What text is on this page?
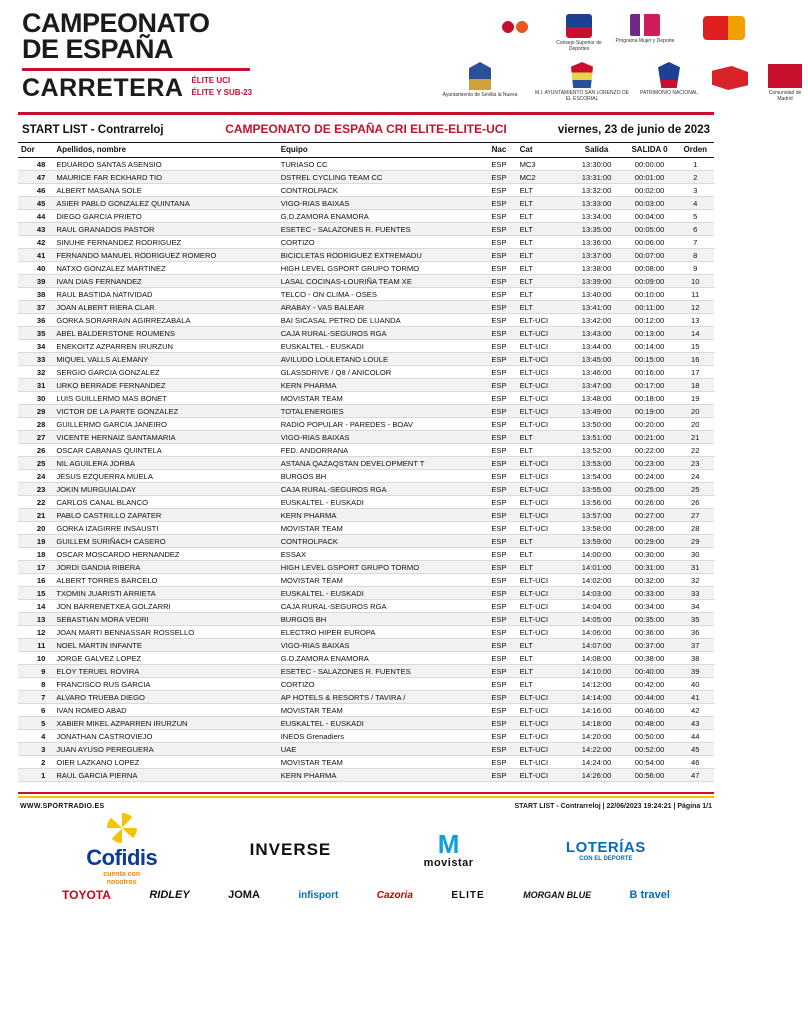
CAMPEONATO
DE ESPAÑA
CARRETERA ÉLITE UCI
ÉLITE Y SUB-23
Consejo Superior de Deportes
Programa Mujer y Deporte
Ayuntamiento de Sevilla la Nueva	M.I. AYUNTAMIENTO SAN LORENZO DE EL ESCORIAL
PATRIMONIO NACIONAL	Comunidad de Madrid
START LIST - Contrarreloj	CAMPEONATO DE ESPAÑA CRI ELITE-ELITE-UCI	viernes, 23 de junio de 2023
Dor	Apellidos, nombre	Equipo	Nac	Cat	Salida	SALIDA 0	Orden
48	EDUARDO SANTAS ASENSIO	TURIASO CC	ESP	MC3	13:30:00	00:00:00	1
47	MAURICE FAR ECKHARD TIO	DSTREL CYCLING TEAM CC	ESP	MC2	13:31:00	00:01:00	2
46	ALBERT MASANA SOLE	CONTROLPACK	ESP	ELT	13:32:00	00:02:00	3
45	ASIER PABLO GONZALEZ QUINTANA	VIGO-RIAS BAIXAS	ESP	ELT	13:33:00	00:03:00	4
44	DIEGO GARCIA PRIETO	G.D.ZAMORA ENAMORA	ESP	ELT	13:34:00	00:04:00	5
43	RAUL GRANADOS PASTOR	ESETEC - SALAZONES R. FUENTES	ESP	ELT	13:35:00	00:05:00	6
42	SINUHE FERNANDEZ RODRIGUEZ	CORTIZO	ESP	ELT	13:36:00	00:06:00	7
41	FERNANDO MANUEL RODRIGUEZ ROMERO	BICICLETAS RODRIGUEZ EXTREMADU	ESP	ELT	13:37:00	00:07:00	8
40	NATXO GONZALEZ MARTINEZ	HIGH LEVEL GSPORT GRUPO TORMO	ESP	ELT	13:38:00	00:08:00	9
39	IVAN DIAS FERNANDEZ	LASAL COCINAS-LOURIÑA TEAM XE	ESP	ELT	13:39:00	00:09:00	10
38	RAUL BASTIDA NATIVIDAD	TELCO - ON CLIMA - OSES	ESP	ELT	13:40:00	00:10:00	11
37	JOAN ALBERT RIERA CLAR	ARABAY - VAS BALEAR	ESP	ELT	13:41:00	00:11:00	12
36	GORKA SORARRAIN AGIRREZABALA	BAI SICASAL PETRO DE LUANDA	ESP	ELT-UCI	13:42:00	00:12:00	13
35	ABEL BALDERSTONE ROUMENS	CAJA RURAL-SEGUROS RGA	ESP	ELT-UCI	13:43:00	00:13:00	14
34	ENEKOITZ AZPARREN IRURZUN	EUSKALTEL - EUSKADI	ESP	ELT-UCI	13:44:00	00:14:00	15
33	MIQUEL VALLS ALEMANY	AVILUDO LOULETANO LOULE	ESP	ELT-UCI	13:45:00	00:15:00	16
32	SERGIO GARCIA GONZALEZ	GLASSDRIVE / Q8 / ANICOLOR	ESP	ELT-UCI	13:46:00	00:16:00	17
31	URKO BERRADE FERNANDEZ	KERN PHARMA	ESP	ELT-UCI	13:47:00	00:17:00	18
30	LUIS GUILLERMO MAS BONET	MOVISTAR TEAM	ESP	ELT-UCI	13:48:00	00:18:00	19
29	VICTOR DE LA PARTE GONZALEZ	TOTALENERGIES	ESP	ELT-UCI	13:49:00	00:19:00	20
28	GUILLERMO GARCIA JANEIRO	RADIO POPULAR - PAREDES - BOAV	ESP	ELT-UCI	13:50:00	00:20:00	20
27	VICENTE HERNAIZ SANTAMARIA	VIGO-RIAS BAIXAS	ESP	ELT	13:51:00	00:21:00	21
26	OSCAR CABANAS QUINTELA	FED. ANDORRANA	ESP	ELT	13:52:00	00:22:00	22
25	NIL AGUILERA JORBA	ASTANA QAZAQSTAN DEVELOPMENT T	ESP	ELT-UCI	13:53:00	00:23:00	23
24	JESUS EZQUERRA MUELA	BURGOS BH	ESP	ELT-UCI	13:54:00	00:24:00	24
23	JOKIN MURGUIALDAY	CAJA RURAL-SEGUROS RGA	ESP	ELT-UCI	13:55:00	00:25:00	25
22	CARLOS CANAL BLANCO	EUSKALTEL - EUSKADI	ESP	ELT-UCI	13:56:00	00:26:00	26
21	PABLO CASTRILLO ZAPATER	KERN PHARMA	ESP	ELT-UCI	13:57:00	00:27:00	27
20	GORKA IZAGIRRE INSAUSTI	MOVISTAR TEAM	ESP	ELT-UCI	13:58:00	00:28:00	28
19	GUILLEM SURIÑACH CASERO	CONTROLPACK	ESP	ELT	13:59:00	00:29:00	29
18	OSCAR MOSCARDO HERNANDEZ	ESSAX	ESP	ELT	14:00:00	00:30:00	30
17	JORDI GANDIA RIBERA	HIGH LEVEL GSPORT GRUPO TORMO	ESP	ELT	14:01:00	00:31:00	31
16	ALBERT TORRES BARCELO	MOVISTAR TEAM	ESP	ELT-UCI	14:02:00	00:32:00	32
15	TXOMIN JUARISTI ARRIETA	EUSKALTEL - EUSKADI	ESP	ELT-UCI	14:03:00	00:33:00	33
14	JON BARRENETXEA GOLZARRI	CAJA RURAL-SEGUROS RGA	ESP	ELT-UCI	14:04:00	00:34:00	34
13	SEBASTIAN MORA VEDRI	BURGOS BH	ESP	ELT-UCI	14:05:00	00:35:00	35
12	JOAN MARTI BENNASSAR ROSSELLO	ELECTRO HIPER EUROPA	ESP	ELT-UCI	14:06:00	00:36:00	36
11	NOEL MARTIN INFANTE	VIGO-RIAS BAIXAS	ESP	ELT	14:07:00	00:37:00	37
10	JORGE GALVEZ LOPEZ	G.D.ZAMORA ENAMORA	ESP	ELT	14:08:00	00:38:00	38
9	ELOY TERUEL ROVIRA	ESETEC - SALAZONES R. FUENTES	ESP	ELT	14:10:00	00:40:00	39
8	FRANCISCO RUS GARCIA	CORTIZO	ESP	ELT	14:12:00	00:42:00	40
7	ALVARO TRUEBA DIEGO	AP HOTELS & RESORTS / TAVIRA /	ESP	ELT-UCI	14:14:00	00:44:00	41
6	IVAN ROMEO ABAD	MOVISTAR TEAM	ESP	ELT-UCI	14:16:00	00:46:00	42
5	XABIER MIKEL AZPARREN IRURZUN	EUSKALTEL - EUSKADI	ESP	ELT-UCI	14:18:00	00:48:00	43
4	JONATHAN CASTROVIEJO	INEOS Grenadiers	ESP	ELT-UCI	14:20:00	00:50:00	44
3	JUAN AYUSO PEREGUERA	UAE	ESP	ELT-UCI	14:22:00	00:52:00	45
2	OIER LAZKANO LOPEZ	MOVISTAR TEAM	ESP	ELT-UCI	14:24:00	00:54:00	46
1	RAUL GARCIA PIERNA	KERN PHARMA	ESP	ELT-UCI	14:26:00	00:56:00	47
WWW.SPORTRADIO.ES	START LIST - Contrarreloj | 22/06/2023 19:24:21 | Página 1/1
Cofidis
cuenta con
nosotros
INVERSE	M
movistar
LOTERÍAS
CON EL DEPORTE
TOYOTA	RIDLEY	JOMA	infisport	Cazoria	ELITE	MORGAN BLUE	B travel
